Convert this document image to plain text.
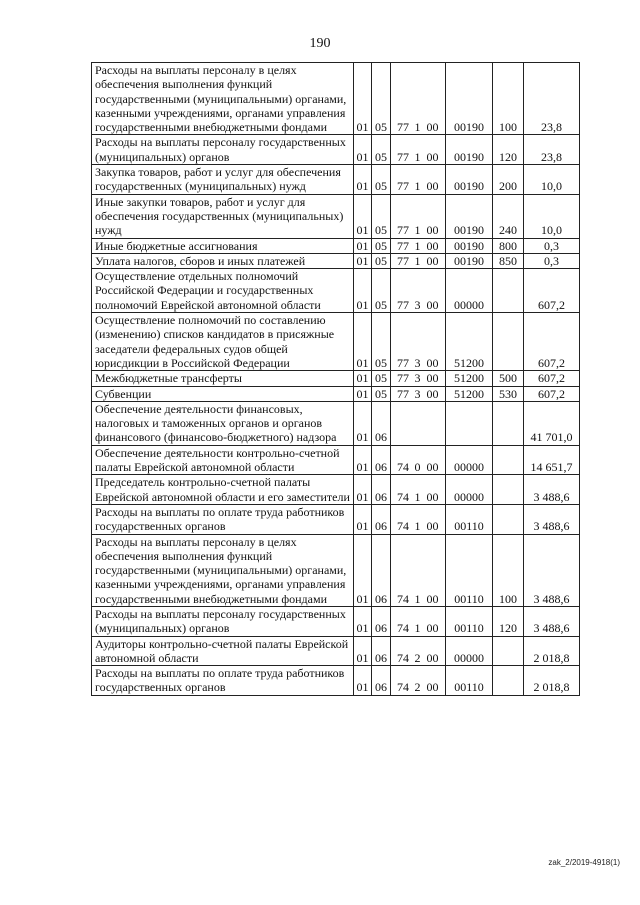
190
Расходы на выплаты персоналу в целях обеспечения выполнения функций государственными (муниципальными) органами, казенными учреждениями, органами управления государственными внебюджетными фондами	01	05	77 1 00	00190	100	23,8
Расходы на выплаты персоналу государственных (муниципальных) органов	01	05	77 1 00	00190	120	23,8
Закупка товаров, работ и услуг для обеспечения государственных (муниципальных) нужд	01	05	77 1 00	00190	200	10,0
Иные закупки товаров, работ и услуг для обеспечения государственных (муниципальных) нужд	01	05	77 1 00	00190	240	10,0
Иные бюджетные ассигнования	01	05	77 1 00	00190	800	0,3
Уплата налогов, сборов и иных платежей	01	05	77 1 00	00190	850	0,3
Осуществление отдельных полномочий Российской Федерации и государственных полномочий Еврейской автономной области	01	05	77 3 00	00000		607,2
Осуществление полномочий по составлению (изменению) списков кандидатов в присяжные заседатели федеральных судов общей юрисдикции в Российской Федерации	01	05	77 3 00	51200		607,2
Межбюджетные трансферты	01	05	77 3 00	51200	500	607,2
Субвенции	01	05	77 3 00	51200	530	607,2
Обеспечение деятельности финансовых, налоговых и таможенных органов и органов финансового (финансово-бюджетного) надзора	01	06				41 701,0
Обеспечение деятельности контрольно-счетной палаты Еврейской автономной области	01	06	74 0 00	00000		14 651,7
Председатель контрольно-счетной палаты Еврейской автономной области и его заместители	01	06	74 1 00	00000		3 488,6
Расходы на выплаты по оплате труда работников государственных органов	01	06	74 1 00	00110		3 488,6
Расходы на выплаты персоналу в целях обеспечения выполнения функций государственными (муниципальными) органами, казенными учреждениями, органами управления государственными внебюджетными фондами	01	06	74 1 00	00110	100	3 488,6
Расходы на выплаты персоналу государственных (муниципальных) органов	01	06	74 1 00	00110	120	3 488,6
Аудиторы контрольно-счетной палаты Еврейской автономной области	01	06	74 2 00	00000		2 018,8
Расходы на выплаты по оплате труда работников государственных органов	01	06	74 2 00	00110		2 018,8
zak_2/2019-4918(1)
